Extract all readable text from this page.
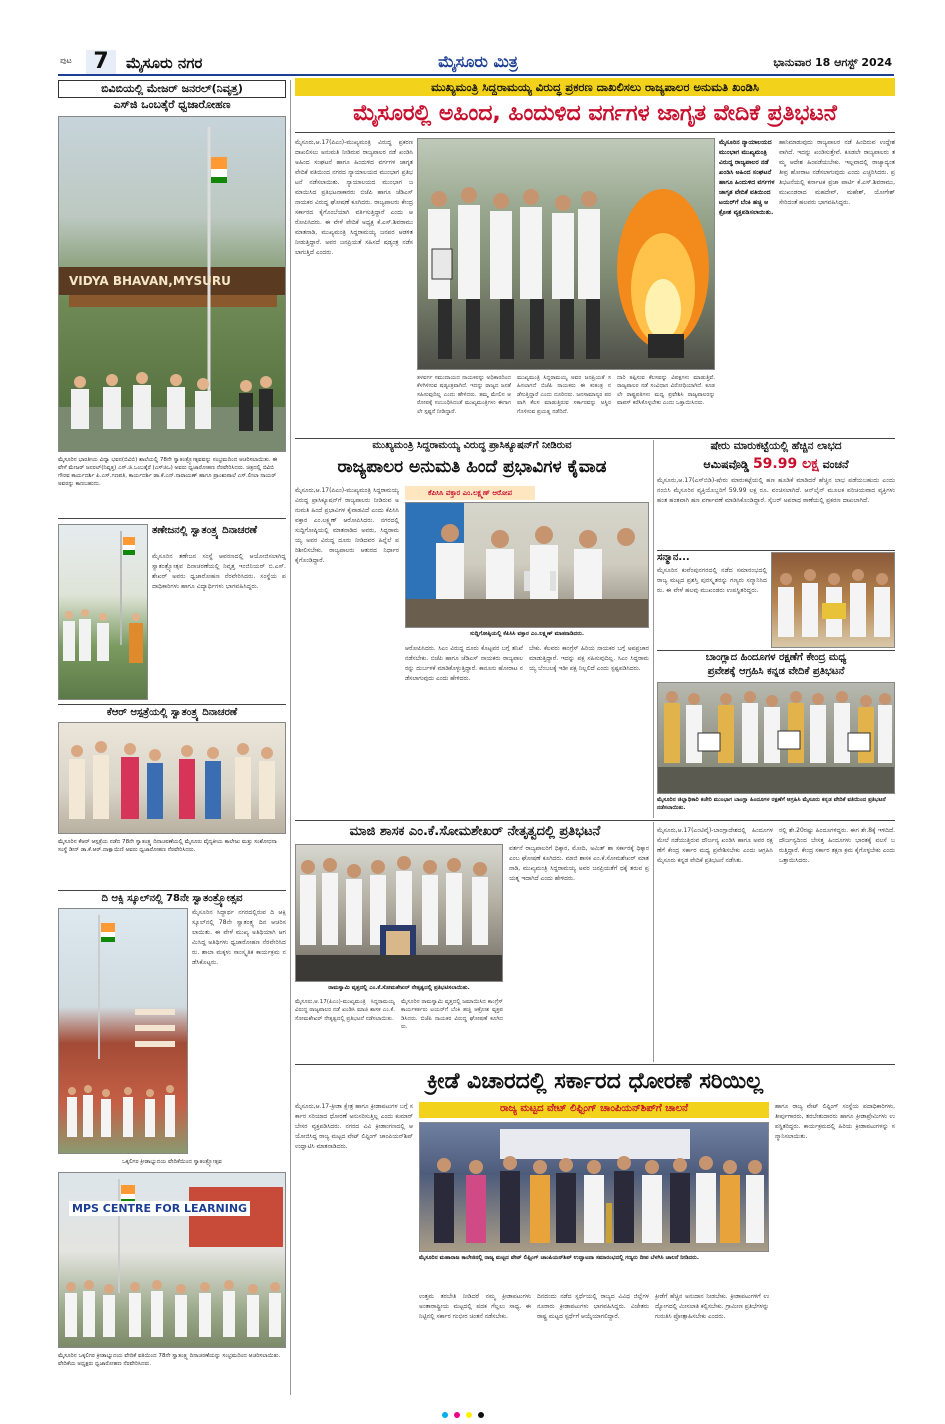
ಪುಟ 7	ಮೈಸೂರು ನಗರ	ಮೈಸೂರು ಮಿತ್ರ	ಭಾನುವಾರ 18 ಆಗಸ್ಟ್ 2024
ಬಿವಿಬಿಯಲ್ಲಿ ಮೇಜರ್ ಜನರಲ್(ನಿವೃತ್ತ)
ಎಸ್‌ಜಿ ಒಂಬತ್ಕೆರೆ ಧ್ವಜಾರೋಹಣ
VIDYA BHAVAN,MYSURU
ಮೈಸೂರಿನ ಭಾರತೀಯ ವಿದ್ಯಾ ಭವನ(ಬಿವಿಬಿ) ಶಾಲೆಯಲ್ಲಿ 78ನೇ ಸ್ವಾತಂತ್ರ್ಯೋತ್ಸವವನ್ನು ಸಂಭ್ರಮದಿಂದ ಆಚರಿಸಲಾಯಿತು. ಈ ವೇಳೆ ಮೇಜರ್ ಜನರಲ್(ನಿವೃತ್ತ) ಎಸ್.ಜಿ.ಒಂಬತ್ಕೆರೆ (ಎಸ್‌ಜಿಒ) ಅವರು ಧ್ವಜಾರೋಹಣ ನೆರವೇರಿಸಿದರು. ಚಿತ್ರದಲ್ಲಿ ಬಿವಿಬಿ ಗೌರವ ಕಾರ್ಯದರ್ಶಿ ಪಿ.ಎಸ್.ಗಣಪತಿ, ಕಾರ್ಯದರ್ಶಿ ಡಾ.ಕೆ.ಎನ್.ನಾರಾಯಣ್ ಹಾಗೂ ಪ್ರಾಂಶುಪಾಲೆ ಎಸ್.ಲೀಲಾ ನಾಯರ್ ಅವರನ್ನು ಕಾಣಬಹುದು.
ತಣೇಜನಲ್ಲಿ ಸ್ವಾತಂತ್ರ್ಯ ದಿನಾಚರಣೆ
ಮೈಸೂರಿನ ತಣೇಜನ ಸಂಸ್ಥೆ ಆವರಣದಲ್ಲಿ ಆಯೋಜಿಸಲಾಗಿದ್ದ ಸ್ವಾತಂತ್ರ್ಯೋತ್ಸವ ದಿನಾಚರಣೆಯಲ್ಲಿ ನಿವೃತ್ತ ಇಂಜಿನಿಯರ್ ಬಿ.ಎಸ್.ಶೇಖರ್ ಅವರು ಧ್ವಜಾರೋಹಣ ನೆರವೇರಿಸಿದರು. ಸಂಸ್ಥೆಯ ಪದಾಧಿಕಾರಿಗಳು ಹಾಗೂ ವಿದ್ಯಾರ್ಥಿಗಳು ಭಾಗವಹಿಸಿದ್ದರು.
ಕೆಆರ್ ಆಸ್ಪತ್ರೆಯಲ್ಲಿ ಸ್ವಾತಂತ್ರ್ಯ ದಿನಾಚರಣೆ
ಮೈಸೂರಿನ ಕೆಆರ್ ಆಸ್ಪತ್ರೆಯ ನಡೆದ 78ನೇ ಸ್ವಾತಂತ್ರ್ಯ ದಿನಾಚರಣೆಯಲ್ಲಿ ಮೈಸೂರು ವೈದ್ಯಕೀಯ ಕಾಲೇಜು ಮತ್ತು ಸಂಶೋಧನಾ ಸಂಸ್ಥೆ ಡೀನ್ ಡಾ.ಕೆ.ಆರ್.ದಾಕ್ಷಾಯಿಣಿ ಅವರು ಧ್ವಜಾರೋಹಣ ನೆರವೇರಿಸಿದರು.
ದಿ ಆಕ್ಸಿ ಸ್ಕೂಲ್‌ನಲ್ಲಿ 78ನೇ ಸ್ವಾತಂತ್ರ್ಯೋತ್ಸವ
ಮೈಸೂರಿನ ಸಿದ್ದಾರ್ಥ ನಗರದಲ್ಲಿರುವ ದಿ ಆಕ್ಸಿ ಸ್ಕೂಲ್‌ನಲ್ಲಿ 78ನೇ ಸ್ವಾತಂತ್ರ್ಯ ದಿನ ಆಚರಿಸಲಾಯಿತು. ಈ ವೇಳೆ ಮುಖ್ಯ ಅತಿಥಿಯಾಗಿ ಆಗಮಿಸಿದ್ದ ಅತಿಥಿಗಳು ಧ್ವಜಾರೋಹಣ ನೆರವೇರಿಸಿದರು. ಶಾಲಾ ಮಕ್ಕಳು ಸಾಂಸ್ಕೃತಿಕ ಕಾರ್ಯಕ್ರಮ ನಡೆಸಿಕೊಟ್ಟರು.
ಒಕ್ಕಲಿಗರ ಕ್ರೀಡಾಭ್ಯುದಯ ವೇದಿಕೆಯಿಂದ ಸ್ವಾತಂತ್ರ್ಯೋತ್ಸವ
MPS CENTRE FOR LEARNING
ಮೈಸೂರಿನ ಒಕ್ಕಲಿಗರ ಕ್ರೀಡಾಭ್ಯುದಯ ವೇದಿಕೆ ವತಿಯಿಂದ 78ನೇ ಸ್ವಾತಂತ್ರ್ಯ ದಿನಾಚರಣೆಯನ್ನು ಸಂಭ್ರಮದಿಂದ ಆಚರಿಸಲಾಯಿತು. ವೇದಿಕೆಯ ಅಧ್ಯಕ್ಷರು ಧ್ವಜಾರೋಹಣ ನೆರವೇರಿಸಿದರು.
ಮುಖ್ಯಮಂತ್ರಿ ಸಿದ್ದರಾಮಯ್ಯ ವಿರುದ್ಧ ಪ್ರಕರಣ ದಾಖಲಿಸಲು ರಾಜ್ಯಪಾಲರ ಅನುಮತಿ ಖಂಡಿಸಿ
ಮೈಸೂರಲ್ಲಿ ಅಹಿಂದ, ಹಿಂದುಳಿದ ವರ್ಗಗಳ ಜಾಗೃತ ವೇದಿಕೆ ಪ್ರತಿಭಟನೆ
ಮೈಸೂರು,ಆ.17(ಪಿಎಂ)-ಮುಖ್ಯಮಂತ್ರಿ ವಿರುದ್ಧ ಪ್ರಕರಣ ದಾಖಲಿಸಲು ಅನುಮತಿ ನೀಡಿರುವ ರಾಜ್ಯಪಾಲರ ನಡೆ ಖಂಡಿಸಿ ಅಹಿಂದ ಸಂಘಟನೆ ಹಾಗೂ ಹಿಂದುಳಿದ ವರ್ಗಗಳ ಜಾಗೃತ ವೇದಿಕೆ ವತಿಯಿಂದ ನಗರದ ನ್ಯಾಯಾಲಯದ ಮುಂಭಾಗ ಪ್ರತಿಭಟನೆ ನಡೆಸಲಾಯಿತು. ನ್ಯಾಯಾಲಯದ ಮುಂಭಾಗ ಜಮಾಯಿಸಿದ ಪ್ರತಿಭಟನಾಕಾರರು ಬಿಜೆಪಿ ಹಾಗೂ ಜೆಡಿಎಸ್ ನಾಯಕರ ವಿರುದ್ಧ ಘೋಷಣೆ ಕೂಗಿದರು. ರಾಜ್ಯಪಾಲರು ಕೇಂದ್ರ ಸರ್ಕಾರದ ಕೈಗೊಂಬೆಯಾಗಿ ವರ್ತಿಸುತ್ತಿದ್ದಾರೆ ಎಂದು ಆರೋಪಿಸಿದರು. ಈ ವೇಳೆ ವೇದಿಕೆ ಅಧ್ಯಕ್ಷ ಕೆ.ಎಸ್.ಶಿವರಾಮು ಮಾತನಾಡಿ, ಮುಖ್ಯಮಂತ್ರಿ ಸಿದ್ದರಾಮಯ್ಯ ಜನಪರ ಆಡಳಿತ ನೀಡುತ್ತಿದ್ದಾರೆ. ಅವರ ಜನಪ್ರಿಯತೆ ಸಹಿಸದೆ ಷಡ್ಯಂತ್ರ ನಡೆಸಲಾಗುತ್ತಿದೆ ಎಂದರು.
ತಳವರ್ಗ ಸಮುದಾಯದ ನಾಯಕರನ್ನು ಅಧಿಕಾರದಿಂದ ಕೆಳಗಿಳಿಸುವ ಷಡ್ಯಂತ್ರವಾಗಿದೆ. ಇದನ್ನು ರಾಜ್ಯದ ಜನತೆ ಸಹಿಸುವುದಿಲ್ಲ ಎಂದು ಹೇಳಿದರು. ತಮ್ಮ ಮೇಲಿನ ಆರೋಪಕ್ಕೆ ಸಂಬಂಧಿಸಿದಂತೆ ಮುಖ್ಯಮಂತ್ರಿಗಳು ಈಗಾಗಲೇ ಸ್ಪಷ್ಟನೆ ನೀಡಿದ್ದಾರೆ.
ಮುಖ್ಯಮಂತ್ರಿ ಸಿದ್ದರಾಮಯ್ಯ ಅವರ ಜನಪ್ರಿಯತೆ ಸಹಿಸಲಾಗದೆ ಬಿಜೆಪಿ ನಾಯಕರು ಈ ಕುತಂತ್ರ ನಡೆಸುತ್ತಿದ್ದಾರೆ ಎಂದು ದೂರಿದರು. ಜನಸಾಮಾನ್ಯರ ಪರವಾಗಿ ಕೆಲಸ ಮಾಡುತ್ತಿರುವ ಸರ್ಕಾರವನ್ನು ಅಸ್ಥಿರಗೊಳಿಸುವ ಪ್ರಯತ್ನ ನಡೆದಿದೆ.
ದಾರಿ ತಪ್ಪಿಸುವ ಕೆಲಸವನ್ನು ವಿಪಕ್ಷಗಳು ಮಾಡುತ್ತಿವೆ. ರಾಜ್ಯಪಾಲರ ನಡೆ ಸಂವಿಧಾನ ವಿರೋಧಿಯಾಗಿದೆ. ಕೂಡಲೇ ರಾಷ್ಟ್ರಪತಿಗಳು ಮಧ್ಯ ಪ್ರವೇಶಿಸಿ ರಾಜ್ಯಪಾಲರನ್ನು ವಾಪಸ್ ಕರೆಸಿಕೊಳ್ಳಬೇಕು ಎಂದು ಒತ್ತಾಯಿಸಿದರು.
ಮೈಸೂರಿನ ನ್ಯಾಯಾಲಯದ ಮುಂಭಾಗ ಮುಖ್ಯಮಂತ್ರಿ ವಿರುದ್ಧ ರಾಜ್ಯಪಾಲರ ನಡೆ ಖಂಡಿಸಿ ಅಹಿಂದ ಸಂಘಟನೆ ಹಾಗೂ ಹಿಂದುಳಿದ ವರ್ಗಗಳ ಜಾಗೃತ ವೇದಿಕೆ ವತಿಯಿಂದ ಟಯರ್‌ಗೆ ಬೆಂಕಿ ಹಚ್ಚಿ ಆಕ್ರೋಶ ವ್ಯಕ್ತಪಡಿಸಲಾಯಿತು.
ಹಾನಿಮಾಡುವುದು ರಾಜ್ಯಪಾಲರ ನಡೆ ಹಿಂದಿರುವ ಉದ್ದೇಶವಾಗಿದೆ. ಇದನ್ನು ಖಂಡಿಸುತ್ತೇವೆ. ಕೂಡಲೇ ರಾಜ್ಯಪಾಲರು ತಮ್ಮ ಆದೇಶ ಹಿಂಪಡೆಯಬೇಕು. ಇಲ್ಲವಾದಲ್ಲಿ ರಾಜ್ಯಾದ್ಯಂತ ತೀವ್ರ ಹೋರಾಟ ನಡೆಸಲಾಗುವುದು ಎಂದು ಎಚ್ಚರಿಸಿದರು. ಪ್ರತಿಭಟನೆಯಲ್ಲಿ ಕರ್ನಾಟಕ ಪ್ರಜಾ ಪಾರ್ಟಿ ಕೆ.ಎಸ್.ಶಿವರಾಮು, ಮುಖಂಡರಾದ ಮಹದೇವ್, ಮಹೇಶ್, ಯೋಗೇಶ್ ಸೇರಿದಂತೆ ಹಲವರು ಭಾಗವಹಿಸಿದ್ದರು.
ಮುಖ್ಯಮಂತ್ರಿ ಸಿದ್ದರಾಮಯ್ಯ ವಿರುದ್ಧ ಪ್ರಾಸಿಕ್ಯೂಷನ್‌ಗೆ ನೀಡಿರುವ
ರಾಜ್ಯಪಾಲರ ಅನುಮತಿ ಹಿಂದೆ ಪ್ರಭಾವಿಗಳ ಕೈವಾಡ
ಮೈಸೂರು,ಆ.17(ಪಿಎಂ)-ಮುಖ್ಯಮಂತ್ರಿ ಸಿದ್ದರಾಮಯ್ಯ ವಿರುದ್ಧ ಪ್ರಾಸಿಕ್ಯೂಷನ್‌ಗೆ ರಾಜ್ಯಪಾಲರು ನೀಡಿರುವ ಅನುಮತಿ ಹಿಂದೆ ಪ್ರಭಾವಿಗಳ ಕೈವಾಡವಿದೆ ಎಂದು ಕೆಪಿಸಿಸಿ ವಕ್ತಾರ ಎಂ.ಲಕ್ಷ್ಮಣ್ ಆರೋಪಿಸಿದರು. ನಗರದಲ್ಲಿ ಸುದ್ದಿಗೋಷ್ಠಿಯಲ್ಲಿ ಮಾತನಾಡಿದ ಅವರು, ಸಿದ್ದರಾಮಯ್ಯ ಅವರ ವಿರುದ್ಧ ದೂರು ನೀಡಿದವರ ಹಿನ್ನೆಲೆ ಪರಿಶೀಲಿಸಬೇಕು. ರಾಜ್ಯಪಾಲರು ಆತುರದ ನಿರ್ಧಾರ ಕೈಗೊಂಡಿದ್ದಾರೆ.
ಕೆಪಿಸಿಸಿ ವಕ್ತಾರ ಎಂ.ಲಕ್ಷ್ಮಣ್ ಆರೋಪ
ಸುದ್ದಿಗೋಷ್ಠಿಯಲ್ಲಿ ಕೆಪಿಸಿಸಿ ವಕ್ತಾರ ಎಂ.ಲಕ್ಷ್ಮಣ್ ಮಾತನಾಡಿದರು.
ಆರೋಪಿಸಿದರು. ಸಿಎಂ ವಿರುದ್ಧ ದೂರು ಕೊಟ್ಟವರ ಬಗ್ಗೆ ತನಿಖೆ ನಡೆಸಬೇಕು. ಬಿಜೆಪಿ ಹಾಗೂ ಜೆಡಿಎಸ್ ನಾಯಕರು ರಾಜ್ಯಪಾಲರನ್ನು ದುರ್ಬಳಕೆ ಮಾಡಿಕೊಳ್ಳುತ್ತಿದ್ದಾರೆ. ಕಾನೂನು ಹೋರಾಟ ನಡೆಸಲಾಗುವುದು ಎಂದು ಹೇಳಿದರು.
ಬೇಕು. ಕೆಲವರು ಕಾಂಗ್ರೆಸ್ ಹಿರಿಯ ನಾಯಕರ ಬಗ್ಗೆ ಅಪಪ್ರಚಾರ ಮಾಡುತ್ತಿದ್ದಾರೆ. ಇದನ್ನು ಪಕ್ಷ ಸಹಿಸುವುದಿಲ್ಲ. ಸಿಎಂ ಸಿದ್ದರಾಮಯ್ಯ ಬೆಂಬಲಕ್ಕೆ ಇಡೀ ಪಕ್ಷ ನಿಲ್ಲಲಿದೆ ಎಂದು ಸ್ಪಷ್ಟಪಡಿಸಿದರು.
ಷೇರು ಮಾರುಕಟ್ಟೆಯಲ್ಲಿ ಹೆಚ್ಚಿನ ಲಾಭದ
ಆಮಿಷವೊಡ್ಡಿ 59.99 ಲಕ್ಷ ವಂಚನೆ
ಮೈಸೂರು,ಆ.17(ಎಸ್‌ಬಿಡಿ)-ಷೇರು ಮಾರುಕಟ್ಟೆಯಲ್ಲಿ ಹಣ ಹೂಡಿಕೆ ಮಾಡಿದರೆ ಹೆಚ್ಚಿನ ಲಾಭ ಪಡೆಯಬಹುದು ಎಂದು ನಂಬಿಸಿ ಮೈಸೂರಿನ ವ್ಯಕ್ತಿಯೊಬ್ಬರಿಗೆ 59.99 ಲಕ್ಷ ರೂ. ವಂಚಿಸಲಾಗಿದೆ. ಆನ್‌ಲೈನ್ ಮೂಲಕ ಪರಿಚಯವಾದ ವ್ಯಕ್ತಿಗಳು ಹಂತ ಹಂತವಾಗಿ ಹಣ ವರ್ಗಾವಣೆ ಮಾಡಿಸಿಕೊಂಡಿದ್ದಾರೆ. ಸೈಬರ್ ಅಪರಾಧ ಠಾಣೆಯಲ್ಲಿ ಪ್ರಕರಣ ದಾಖಲಾಗಿದೆ.
ಸನ್ಮಾನ...
ಮೈಸೂರಿನ ಕುವೆಂಪುನಗರದಲ್ಲಿ ನಡೆದ ಸಮಾರಂಭದಲ್ಲಿ ರಾಜ್ಯ ಮಟ್ಟದ ಪ್ರಶಸ್ತಿ ಪುರಸ್ಕೃತರನ್ನು ಗಣ್ಯರು ಸನ್ಮಾನಿಸಿದರು. ಈ ವೇಳೆ ಹಲವು ಮುಖಂಡರು ಉಪಸ್ಥಿತರಿದ್ದರು.
ಬಾಂಗ್ಲಾದ ಹಿಂದೂಗಳ ರಕ್ಷಣೆಗೆ ಕೇಂದ್ರ ಮಧ್ಯ
ಪ್ರವೇಶಕ್ಕೆ ಆಗ್ರಹಿಸಿ ಕನ್ನಡ ವೇದಿಕೆ ಪ್ರತಿಭಟನೆ
ಮೈಸೂರಿನ ಜಿಲ್ಲಾಧಿಕಾರಿ ಕಚೇರಿ ಮುಂಭಾಗ ಬಾಂಗ್ಲಾ ಹಿಂದೂಗಳ ರಕ್ಷಣೆಗೆ ಆಗ್ರಹಿಸಿ ಮೈಸೂರು ಕನ್ನಡ ವೇದಿಕೆ ವತಿಯಿಂದ ಪ್ರತಿಭಟನೆ ನಡೆಸಲಾಯಿತು.
ಮಾಜಿ ಶಾಸಕ ಎಂ.ಕೆ.ಸೋಮಶೇಖರ್ ನೇತೃತ್ವದಲ್ಲಿ ಪ್ರತಿಭಟನೆ
ರಾಮಸ್ವಾಮಿ ವೃತ್ತದಲ್ಲಿ ಎಂ.ಕೆ.ಸೋಮಶೇಖರ್ ನೇತೃತ್ವದಲ್ಲಿ ಪ್ರತಿಭಟಿಸಲಾಯಿತು.
ಮೈಸೂರು,ಆ.17(ಪಿಎಂ)-ಮುಖ್ಯಮಂತ್ರಿ ಸಿದ್ದರಾಮಯ್ಯ ವಿರುದ್ಧ ರಾಜ್ಯಪಾಲರ ನಡೆ ಖಂಡಿಸಿ ಮಾಜಿ ಶಾಸಕ ಎಂ.ಕೆ.ಸೋಮಶೇಖರ್ ನೇತೃತ್ವದಲ್ಲಿ ಪ್ರತಿಭಟನೆ ನಡೆಸಲಾಯಿತು.
ಮೈಸೂರಿನ ರಾಮಸ್ವಾಮಿ ವೃತ್ತದಲ್ಲಿ ಜಮಾಯಿಸಿದ ಕಾಂಗ್ರೆಸ್ ಕಾರ್ಯಕರ್ತರು ಟಯರ್‌ಗೆ ಬೆಂಕಿ ಹಚ್ಚಿ ಆಕ್ರೋಶ ವ್ಯಕ್ತಪಡಿಸಿದರು. ಬಿಜೆಪಿ ನಾಯಕರ ವಿರುದ್ಧ ಘೋಷಣೆ ಕೂಗಿದರು.
ವರ್ತನೆ ರಾಜ್ಯಪಾಲರಿಗೆ ಧಿಕ್ಕಾರ, ಮೋದಿ, ಅಮಿತ್ ಶಾ ಸರ್ಕಾರಕ್ಕೆ ಧಿಕ್ಕಾರ ಎಂಬ ಘೋಷಣೆ ಕೂಗಿದರು. ಮಾಜಿ ಶಾಸಕ ಎಂ.ಕೆ.ಸೋಮಶೇಖರ್ ಮಾತನಾಡಿ, ಮುಖ್ಯಮಂತ್ರಿ ಸಿದ್ದರಾಮಯ್ಯ ಅವರ ಜನಪ್ರಿಯತೆಗೆ ಧಕ್ಕೆ ತರುವ ಪ್ರಯತ್ನ ಇದಾಗಿದೆ ಎಂದು ಹೇಳಿದರು.
ಮೈಸೂರು,ಆ.17(ಎಂಟಿವೈ)-ಬಾಂಗ್ಲಾದೇಶದಲ್ಲಿ ಹಿಂದೂಗಳ ಮೇಲೆ ನಡೆಯುತ್ತಿರುವ ದೌರ್ಜನ್ಯ ಖಂಡಿಸಿ ಹಾಗೂ ಅವರ ರಕ್ಷಣೆಗೆ ಕೇಂದ್ರ ಸರ್ಕಾರ ಮಧ್ಯ ಪ್ರವೇಶಿಸಬೇಕು ಎಂದು ಆಗ್ರಹಿಸಿ ಮೈಸೂರು ಕನ್ನಡ ವೇದಿಕೆ ಪ್ರತಿಭಟನೆ ನಡೆಸಿತು.
ರಲ್ಲಿ ಶೇ.20ರಷ್ಟು ಹಿಂದೂಗಳಿದ್ದರು. ಈಗ ಶೇ.8ಕ್ಕೆ ಇಳಿದಿದೆ. ದೌರ್ಜನ್ಯದಿಂದ ಬೇಸತ್ತ ಹಿಂದೂಗಳು ಭಾರತಕ್ಕೆ ವಲಸೆ ಬರುತ್ತಿದ್ದಾರೆ. ಕೇಂದ್ರ ಸರ್ಕಾರ ತಕ್ಷಣ ಕ್ರಮ ಕೈಗೊಳ್ಳಬೇಕು ಎಂದು ಒತ್ತಾಯಿಸಿದರು.
ಕ್ರೀಡೆ ವಿಚಾರದಲ್ಲಿ ಸರ್ಕಾರದ ಧೋರಣೆ ಸರಿಯಿಲ್ಲ
ಮೈಸೂರು,ಆ.17-ಕ್ರೀಡಾ ಕ್ಷೇತ್ರ ಹಾಗೂ ಕ್ರೀಡಾಪಟುಗಳ ಬಗ್ಗೆ ಸರ್ಕಾರ ಸರಿಯಾದ ಧೋರಣೆ ಅನುಸರಿಸುತ್ತಿಲ್ಲ ಎಂದು ಕುಮಾರ್ ಬೇಸರ ವ್ಯಕ್ತಪಡಿಸಿದರು. ನಗರದ ವಿವಿ ಕ್ರೀಡಾಂಗಣದಲ್ಲಿ ಆಯೋಜಿಸಿದ್ದ ರಾಜ್ಯ ಮಟ್ಟದ ವೇಟ್ ಲಿಫ್ಟಿಂಗ್ ಚಾಂಪಿಯನ್‌ಶಿಪ್ ಉದ್ಘಾಟಿಸಿ ಮಾತನಾಡಿದರು.
ರಾಜ್ಯ ಮಟ್ಟದ ವೇಟ್ ಲಿಫ್ಟಿಂಗ್ ಚಾಂಪಿಯನ್‌ಶಿಪ್‌ಗೆ ಚಾಲನೆ
ಮೈಸೂರಿನ ಮಹಾರಾಜ ಕಾಲೇಜಿನಲ್ಲಿ ರಾಜ್ಯ ಮಟ್ಟದ ವೇಟ್ ಲಿಫ್ಟಿಂಗ್ ಚಾಂಪಿಯನ್‌ಶಿಪ್ ಉದ್ಘಾಟನಾ ಸಮಾರಂಭದಲ್ಲಿ ಗಣ್ಯರು ದೀಪ ಬೆಳಗಿಸಿ ಚಾಲನೆ ನೀಡಿದರು.
ಉತ್ತಮ ತರಬೇತಿ ನೀಡಿದರೆ ನಮ್ಮ ಕ್ರೀಡಾಪಟುಗಳು ಅಂತಾರಾಷ್ಟ್ರೀಯ ಮಟ್ಟದಲ್ಲಿ ಪದಕ ಗೆಲ್ಲಲು ಸಾಧ್ಯ. ಈ ನಿಟ್ಟಿನಲ್ಲಿ ಸರ್ಕಾರ ಗಂಭೀರ ಚಿಂತನೆ ನಡೆಸಬೇಕು.
ದಿನದಂದು ನಡೆದ ಸ್ಪರ್ಧೆಯಲ್ಲಿ ರಾಜ್ಯದ ವಿವಿಧ ಜಿಲ್ಲೆಗಳ ನೂರಾರು ಕ್ರೀಡಾಪಟುಗಳು ಭಾಗವಹಿಸಿದ್ದರು. ವಿಜೇತರು ರಾಷ್ಟ್ರ ಮಟ್ಟದ ಸ್ಪರ್ಧೆಗೆ ಆಯ್ಕೆಯಾಗಲಿದ್ದಾರೆ.
ಕ್ರೀಡೆಗೆ ಹೆಚ್ಚಿನ ಅನುದಾನ ನೀಡಬೇಕು. ಕ್ರೀಡಾಪಟುಗಳಿಗೆ ಉದ್ಯೋಗದಲ್ಲಿ ಮೀಸಲಾತಿ ಕಲ್ಪಿಸಬೇಕು. ಗ್ರಾಮೀಣ ಪ್ರತಿಭೆಗಳನ್ನು ಗುರುತಿಸಿ ಪ್ರೋತ್ಸಾಹಿಸಬೇಕು ಎಂದರು.
ಹಾಗೂ ರಾಜ್ಯ ವೇಟ್ ಲಿಫ್ಟಿಂಗ್ ಸಂಸ್ಥೆಯ ಪದಾಧಿಕಾರಿಗಳು, ತೀರ್ಪುಗಾರರು, ತರಬೇತುದಾರರು ಹಾಗೂ ಕ್ರೀಡಾಪ್ರೇಮಿಗಳು ಉಪಸ್ಥಿತರಿದ್ದರು. ಕಾರ್ಯಕ್ರಮದಲ್ಲಿ ಹಿರಿಯ ಕ್ರೀಡಾಪಟುಗಳನ್ನು ಸನ್ಮಾನಿಸಲಾಯಿತು.
